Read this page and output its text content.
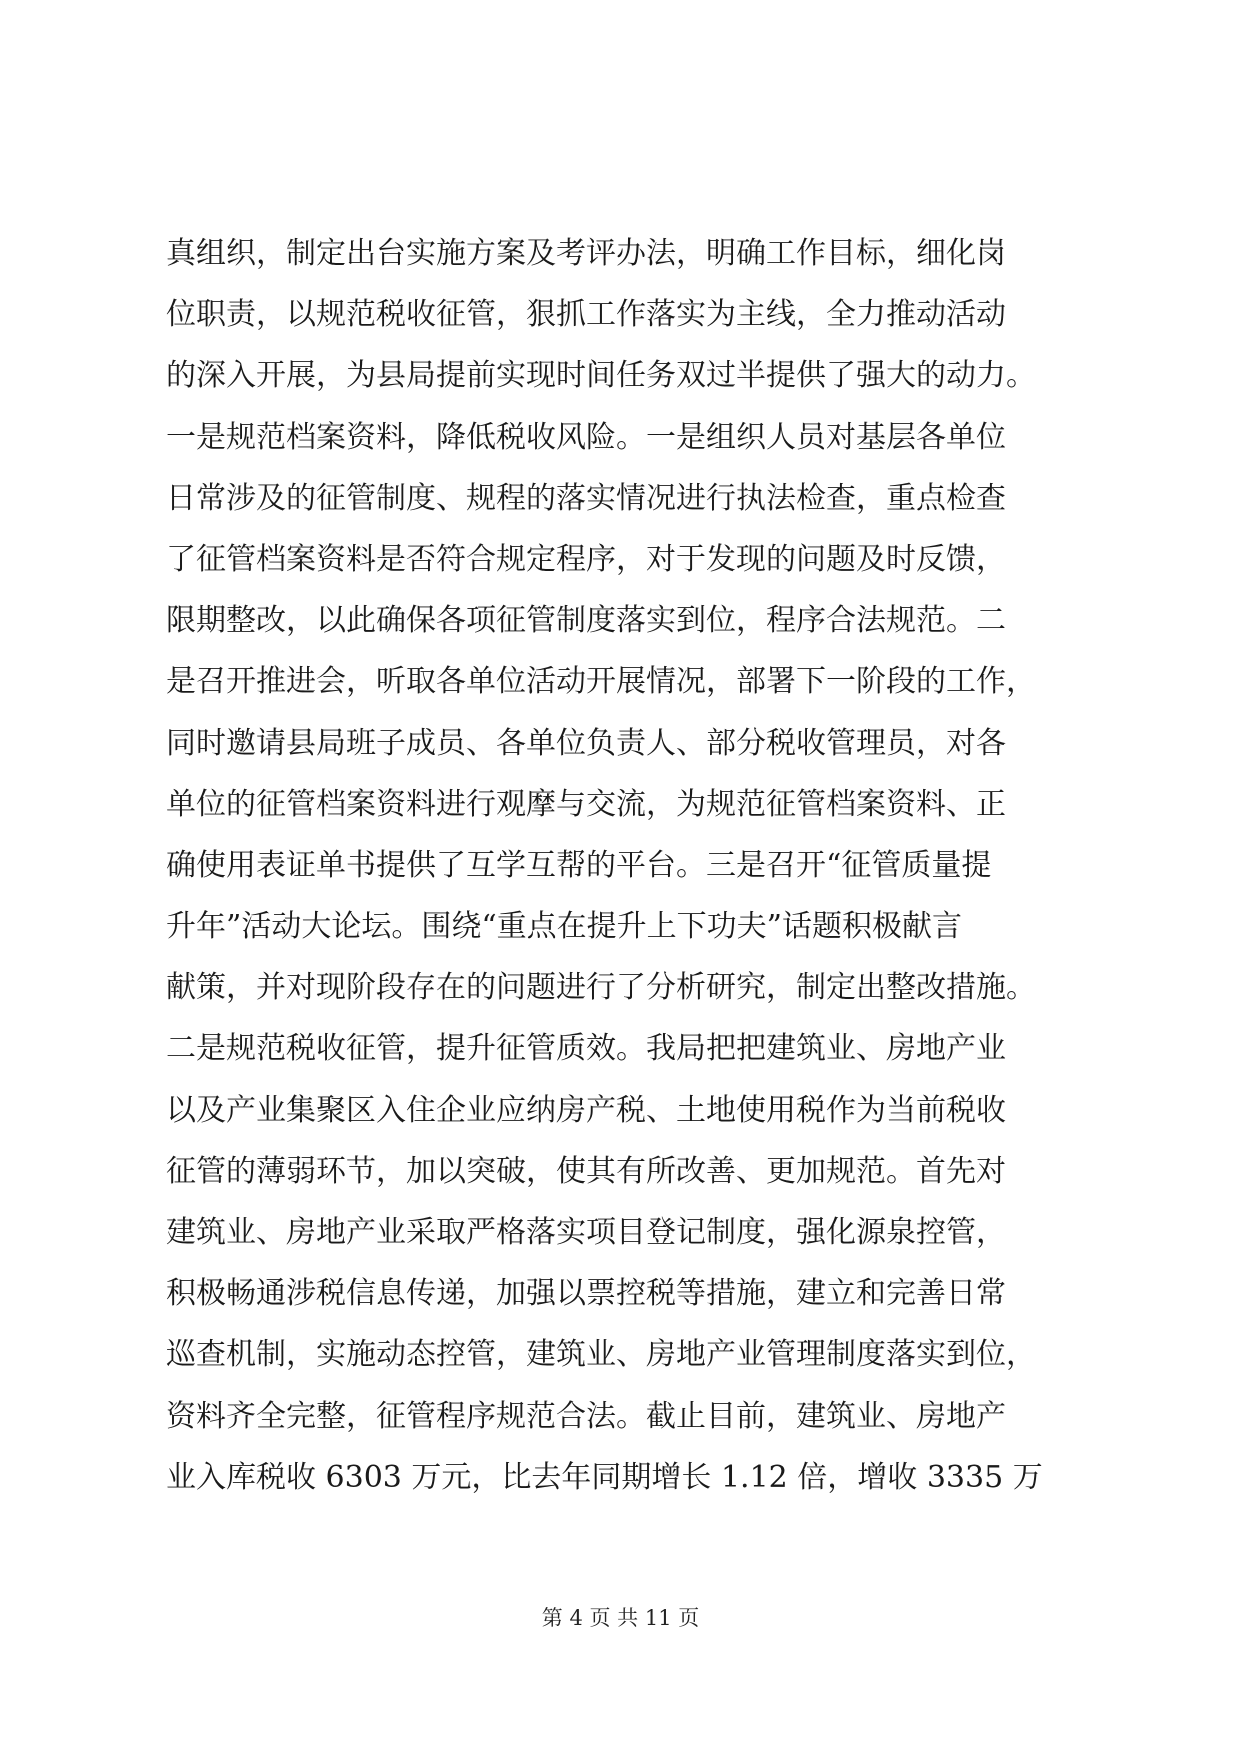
真组织，制定出台实施方案及考评办法，明确工作目标，细化岗
位职责，以规范税收征管，狠抓工作落实为主线，全力推动活动
的深入开展，为县局提前实现时间任务双过半提供了强大的动力。
一是规范档案资料，降低税收风险。一是组织人员对基层各单位
日常涉及的征管制度、规程的落实情况进行执法检查，重点检查
了征管档案资料是否符合规定程序，对于发现的问题及时反馈，
限期整改，以此确保各项征管制度落实到位，程序合法规范。二
是召开推进会，听取各单位活动开展情况，部署下一阶段的工作，
同时邀请县局班子成员、各单位负责人、部分税收管理员，对各
单位的征管档案资料进行观摩与交流，为规范征管档案资料、正
确使用表证单书提供了互学互帮的平台。三是召开“征管质量提
升年”活动大论坛。围绕“重点在提升上下功夫”话题积极献言
献策，并对现阶段存在的问题进行了分析研究，制定出整改措施。
二是规范税收征管，提升征管质效。我局把把建筑业、房地产业
以及产业集聚区入住企业应纳房产税、土地使用税作为当前税收
征管的薄弱环节，加以突破，使其有所改善、更加规范。首先对
建筑业、房地产业采取严格落实项目登记制度，强化源泉控管，
积极畅通涉税信息传递，加强以票控税等措施，建立和完善日常
巡查机制，实施动态控管，建筑业、房地产业管理制度落实到位，
资料齐全完整，征管程序规范合法。截止目前，建筑业、房地产
业入库税收 6303 万元，比去年同期增长 1.12 倍，增收 3335 万
第 4 页 共 11 页
